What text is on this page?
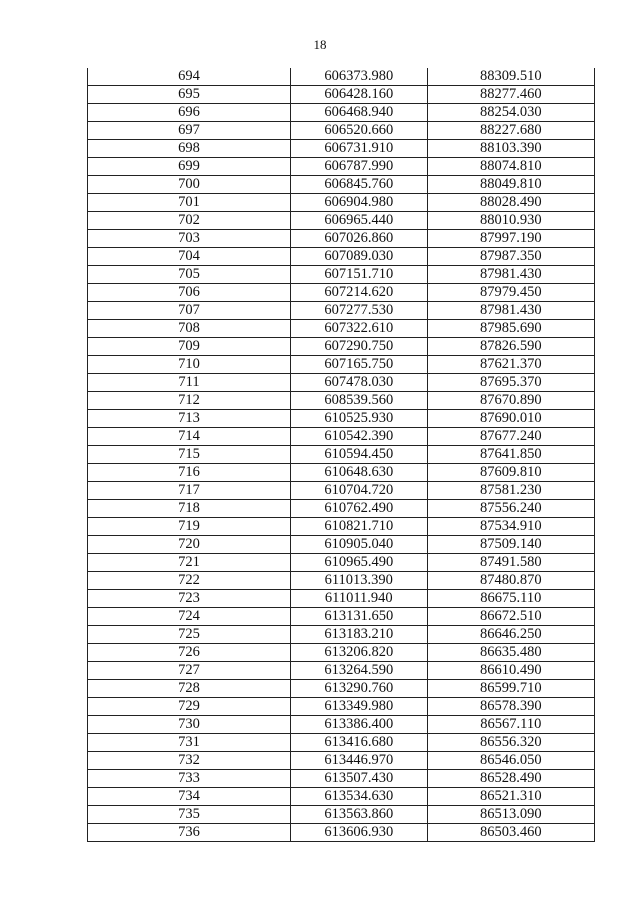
18
694	606373.980	88309.510
695	606428.160	88277.460
696	606468.940	88254.030
697	606520.660	88227.680
698	606731.910	88103.390
699	606787.990	88074.810
700	606845.760	88049.810
701	606904.980	88028.490
702	606965.440	88010.930
703	607026.860	87997.190
704	607089.030	87987.350
705	607151.710	87981.430
706	607214.620	87979.450
707	607277.530	87981.430
708	607322.610	87985.690
709	607290.750	87826.590
710	607165.750	87621.370
711	607478.030	87695.370
712	608539.560	87670.890
713	610525.930	87690.010
714	610542.390	87677.240
715	610594.450	87641.850
716	610648.630	87609.810
717	610704.720	87581.230
718	610762.490	87556.240
719	610821.710	87534.910
720	610905.040	87509.140
721	610965.490	87491.580
722	611013.390	87480.870
723	611011.940	86675.110
724	613131.650	86672.510
725	613183.210	86646.250
726	613206.820	86635.480
727	613264.590	86610.490
728	613290.760	86599.710
729	613349.980	86578.390
730	613386.400	86567.110
731	613416.680	86556.320
732	613446.970	86546.050
733	613507.430	86528.490
734	613534.630	86521.310
735	613563.860	86513.090
736	613606.930	86503.460
